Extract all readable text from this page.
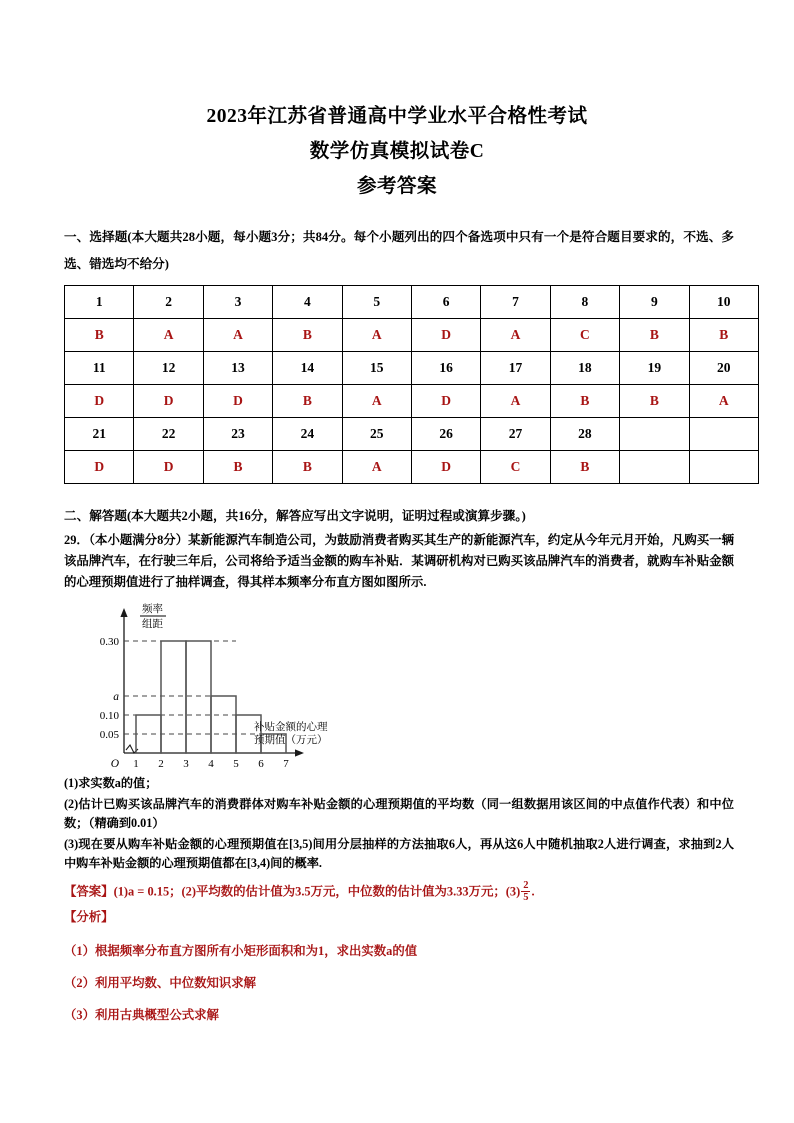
2023年江苏省普通高中学业水平合格性考试
数学仿真模拟试卷C
参考答案
一、选择题(本大题共28小题，每小题3分；共84分。每个小题列出的四个备选项中只有一个是符合题目要求的，不选、多选、错选均不给分)
1	2	3	4	5	6	7	8	9	10
B	A	A	B	A	D	A	C	B	B
11	12	13	14	15	16	17	18	19	20
D	D	D	B	A	D	A	B	B	A
21	22	23	24	25	26	27	28		
D	D	B	B	A	D	C	B		
二、解答题(本大题共2小题，共16分，解答应写出文字说明，证明过程或演算步骤。)
29．（本小题满分8分）某新能源汽车制造公司，为鼓励消费者购买其生产的新能源汽车，约定从今年元月开始，凡购买一辆该品牌汽车，在行驶三年后，公司将给予适当金额的购车补贴．某调研机构对已购买该品牌汽车的消费者，就购车补贴金额的心理预期值进行了抽样调查，得其样本频率分布直方图如图所示.
0.30
a
0.10
0.05
O 1 2 3 4 5 6 7
频率
组距
补贴金额的心理
预期值（万元）

(1)求实数a的值；

(2)估计已购买该品牌汽车的消费群体对购车补贴金额的心理预期值的平均数（同一组数据用该区间的中点值作代表）和中位数；（精确到0.01）

(3)现在要从购车补贴金额的心理预期值在[3,5)间用分层抽样的方法抽取6人，再从这6人中随机抽取2人进行调查，求抽到2人中购车补贴金额的心理预期值都在[3,4)间的概率.

【答案】(1)a = 0.15；(2)平均数的估计值为3.5万元，中位数的估计值为3.33万元；$(3) \frac{2}{5}$ .
【分析】

（1）根据频率分布直方图所有小矩形面积和为1，求出实数a的值

（2）利用平均数、中位数知识求解

（3）利用古典概型公式求解
